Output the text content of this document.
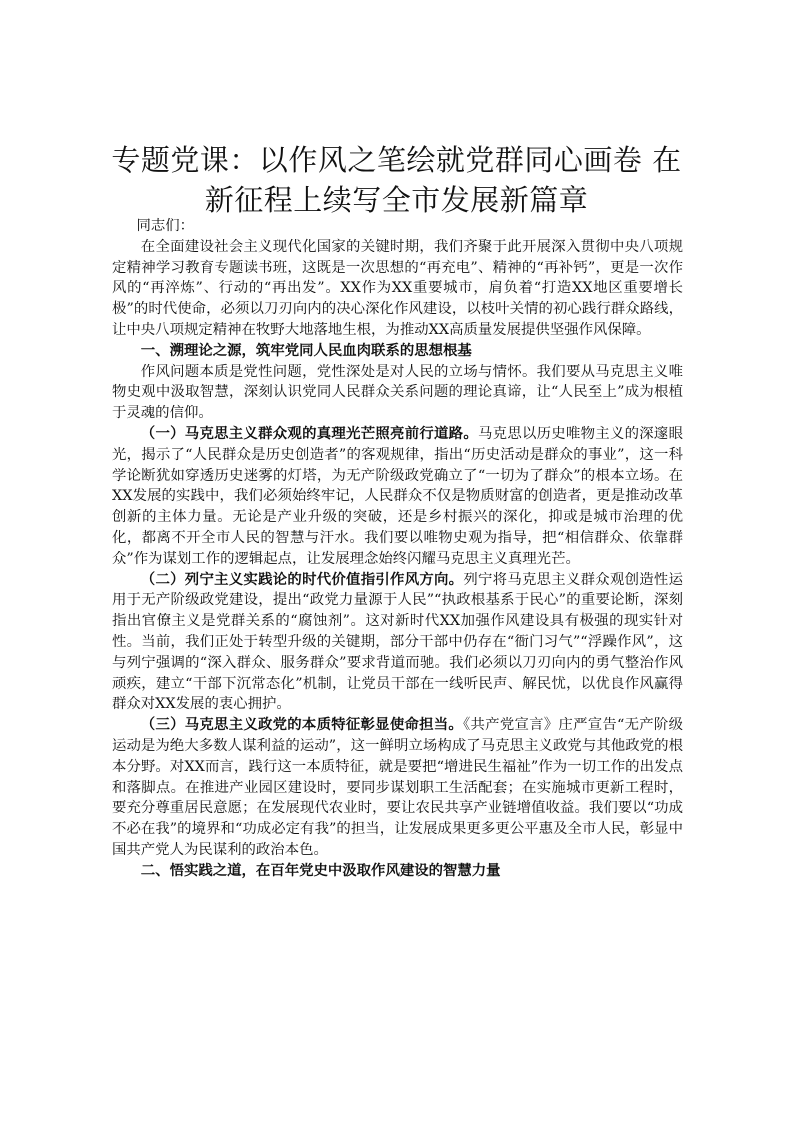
专题党课：以作风之笔绘就党群同心画卷 在
新征程上续写全市发展新篇章

同志们：

在全面建设社会主义现代化国家的关键时期，我们齐聚于此开展深入贯彻中央八项规定精神学习教育专题读书班，这既是一次思想的“再充电”、精神的“再补钙”，更是一次作风的“再淬炼”、行动的“再出发”。XX作为XX重要城市，肩负着“打造XX地区重要增长极”的时代使命，必须以刀刃向内的决心深化作风建设，以枝叶关情的初心践行群众路线，让中央八项规定精神在牧野大地落地生根，为推动XX高质量发展提供坚强作风保障。

一、溯理论之源，筑牢党同人民血肉联系的思想根基

作风问题本质是党性问题，党性深处是对人民的立场与情怀。我们要从马克思主义唯物史观中汲取智慧，深刻认识党同人民群众关系问题的理论真谛，让“人民至上”成为根植于灵魂的信仰。

（一）马克思主义群众观的真理光芒照亮前行道路。马克思以历史唯物主义的深邃眼光，揭示了“人民群众是历史创造者”的客观规律，指出“历史活动是群众的事业”，这一科学论断犹如穿透历史迷雾的灯塔，为无产阶级政党确立了“一切为了群众”的根本立场。在XX发展的实践中，我们必须始终牢记，人民群众不仅是物质财富的创造者，更是推动改革创新的主体力量。无论是产业升级的突破，还是乡村振兴的深化，抑或是城市治理的优化，都离不开全市人民的智慧与汗水。我们要以唯物史观为指导，把“相信群众、依靠群众”作为谋划工作的逻辑起点，让发展理念始终闪耀马克思主义真理光芒。

（二）列宁主义实践论的时代价值指引作风方向。列宁将马克思主义群众观创造性运用于无产阶级政党建设，提出“政党力量源于人民”“执政根基系于民心”的重要论断，深刻指出官僚主义是党群关系的“腐蚀剂”。这对新时代XX加强作风建设具有极强的现实针对性。当前，我们正处于转型升级的关键期，部分干部中仍存在“衙门习气”“浮躁作风”，这与列宁强调的“深入群众、服务群众”要求背道而驰。我们必须以刀刃向内的勇气整治作风顽疾，建立“干部下沉常态化”机制，让党员干部在一线听民声、解民忧，以优良作风赢得群众对XX发展的衷心拥护。

（三）马克思主义政党的本质特征彰显使命担当。《共产党宣言》庄严宣告“无产阶级运动是为绝大多数人谋利益的运动”，这一鲜明立场构成了马克思主义政党与其他政党的根本分野。对XX而言，践行这一本质特征，就是要把“增进民生福祉”作为一切工作的出发点和落脚点。在推进产业园区建设时，要同步谋划职工生活配套；在实施城市更新工程时，要充分尊重居民意愿；在发展现代农业时，要让农民共享产业链增值收益。我们要以“功成不必在我”的境界和“功成必定有我”的担当，让发展成果更多更公平惠及全市人民，彰显中国共产党人为民谋利的政治本色。

二、悟实践之道，在百年党史中汲取作风建设的智慧力量
